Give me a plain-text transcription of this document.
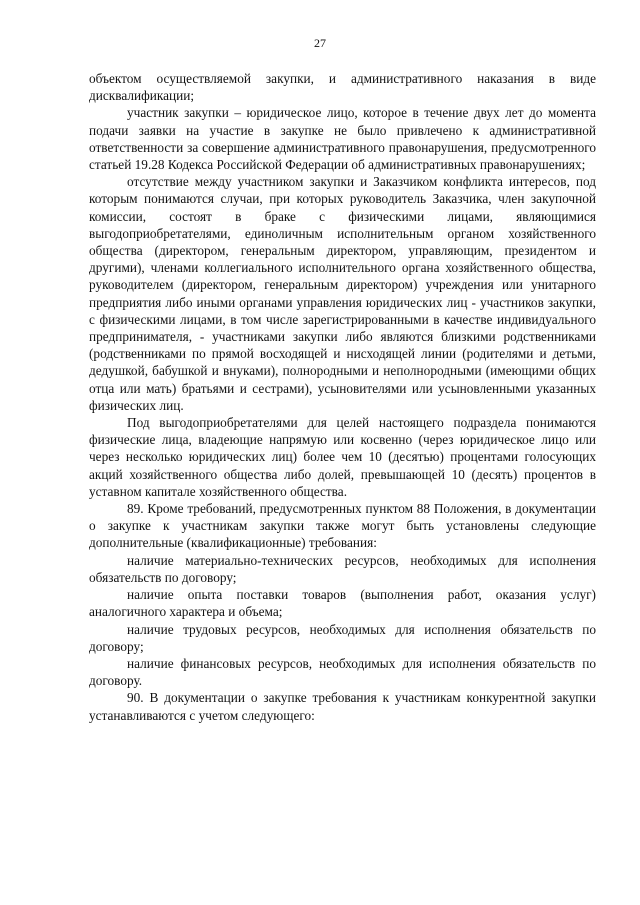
27

объектом осуществляемой закупки, и административного наказания в виде дисквалификации;

участник закупки – юридическое лицо, которое в течение двух лет до момента подачи заявки на участие в закупке не было привлечено к административной ответственности за совершение административного правонарушения, предусмотренного статьей 19.28 Кодекса Российской Федерации об административных правонарушениях;

отсутствие между участником закупки и Заказчиком конфликта интересов, под которым понимаются случаи, при которых руководитель Заказчика, член закупочной комиссии, состоят в браке с физическими лицами, являющимися выгодоприобретателями, единоличным исполнительным органом хозяйственного общества (директором, генеральным директором, управляющим, президентом и другими), членами коллегиального исполнительного органа хозяйственного общества, руководителем (директором, генеральным директором) учреждения или унитарного предприятия либо иными органами управления юридических лиц - участников закупки, с физическими лицами, в том числе зарегистрированными в качестве индивидуального предпринимателя, - участниками закупки либо являются близкими родственниками (родственниками по прямой восходящей и нисходящей линии (родителями и детьми, дедушкой, бабушкой и внуками), полнородными и неполнородными (имеющими общих отца или мать) братьями и сестрами), усыновителями или усыновленными указанных физических лиц.

Под выгодоприобретателями для целей настоящего подраздела понимаются физические лица, владеющие напрямую или косвенно (через юридическое лицо или через несколько юридических лиц) более чем 10 (десятью) процентами голосующих акций хозяйственного общества либо долей, превышающей 10 (десять) процентов в уставном капитале хозяйственного общества.

89. Кроме требований, предусмотренных пунктом 88 Положения, в документации о закупке к участникам закупки также могут быть установлены следующие дополнительные (квалификационные) требования:

наличие материально-технических ресурсов, необходимых для исполнения обязательств по договору;

наличие опыта поставки товаров (выполнения работ, оказания услуг) аналогичного характера и объема;

наличие трудовых ресурсов, необходимых для исполнения обязательств по договору;

наличие финансовых ресурсов, необходимых для исполнения обязательств по договору.

90. В документации о закупке требования к участникам конкурентной закупки устанавливаются с учетом следующего:
